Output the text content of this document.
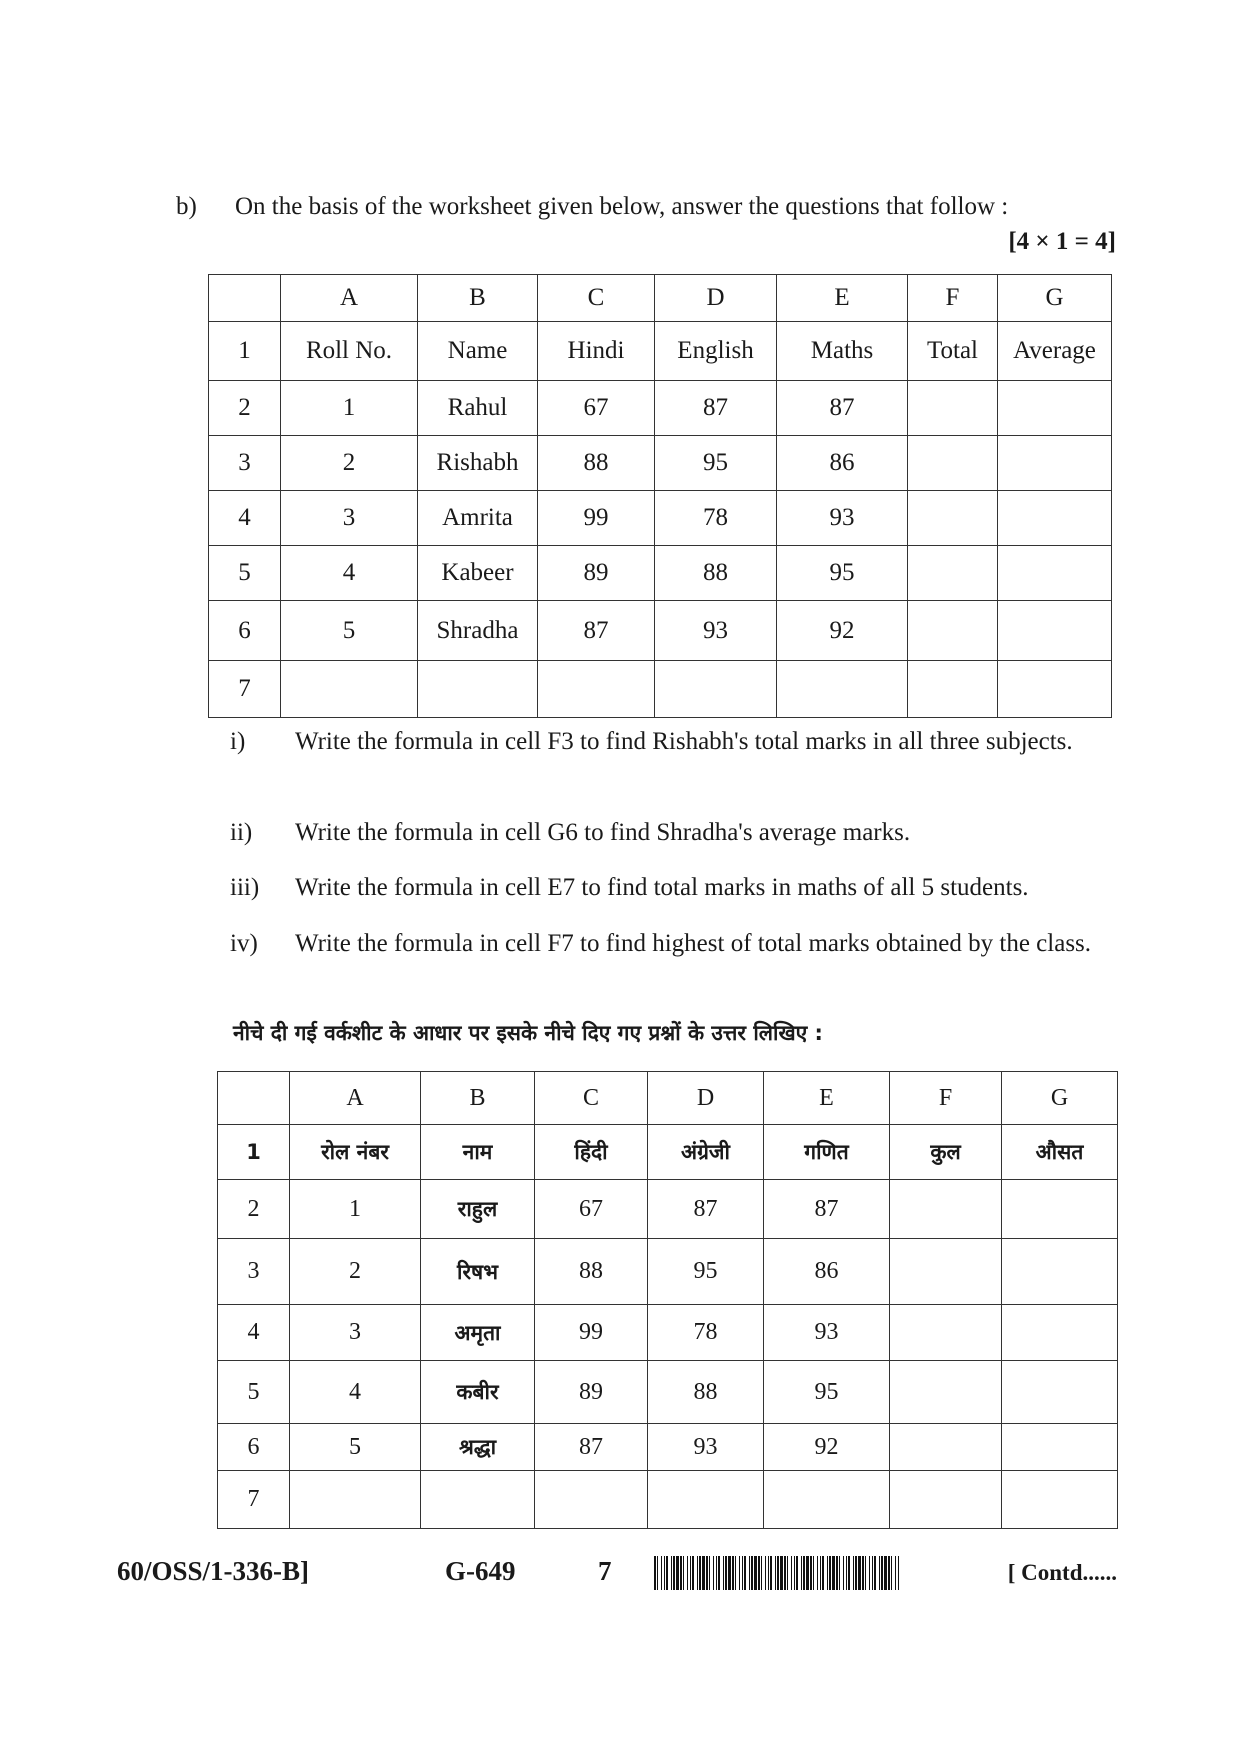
b) On the basis of the worksheet given below, answer the questions that follow :
[4 × 1 = 4]
	A	B	C	D	E	F	G
1	Roll No.	Name	Hindi	English	Maths	Total	Average
2	1	Rahul	67	87	87		
3	2	Rishabh	88	95	86		
4	3	Amrita	99	78	93		
5	4	Kabeer	89	88	95		
6	5	Shradha	87	93	92		
7							
i) Write the formula in cell F3 to find Rishabh's total marks in all three subjects.
ii) Write the formula in cell G6 to find Shradha's average marks.
iii) Write the formula in cell E7 to find total marks in maths of all 5 students.
iv) Write the formula in cell F7 to find highest of total marks obtained by the class.
नीचे दी गई वर्कशीट के आधार पर इसके नीचे दिए गए प्रश्नों के उत्तर लिखिए :
	A	B	C	D	E	F	G
1	रोल नंबर	नाम	हिंदी	अंग्रेजी	गणित	कुल	औसत
2	1	राहुल	67	87	87		
3	2	रिषभ	88	95	86		
4	3	अमृता	99	78	93		
5	4	कबीर	89	88	95		
6	5	श्रद्धा	87	93	92		
7							
60/OSS/1-336-B]	G-649	7	[ Contd......
